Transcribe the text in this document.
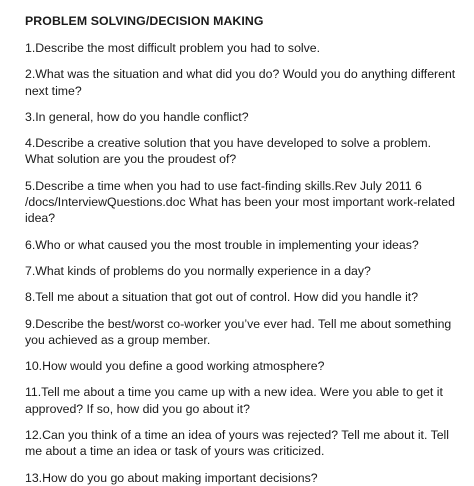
PROBLEM SOLVING/DECISION MAKING
1.Describe the most difficult problem you had to solve.
2.What was the situation and what did you do? Would you do anything different next time?
3.In general, how do you handle conflict?
4.Describe a creative solution that you have developed to solve a problem. What solution are you the proudest of?
5.Describe a time when you had to use fact-finding skills.Rev July 2011 6 /docs/InterviewQuestions.doc What has been your most important work-related idea?
6.Who or what caused you the most trouble in implementing your ideas?
7.What kinds of problems do you normally experience in a day?
8.Tell me about a situation that got out of control. How did you handle it?
9.Describe the best/worst co-worker you’ve ever had. Tell me about something you achieved as a group member.
10.How would you define a good working atmosphere?
11.Tell me about a time you came up with a new idea. Were you able to get it approved? If so, how did you go about it?
12.Can you think of a time an idea of yours was rejected? Tell me about it. Tell me about a time an idea or task of yours was criticized.
13.How do you go about making important decisions?
